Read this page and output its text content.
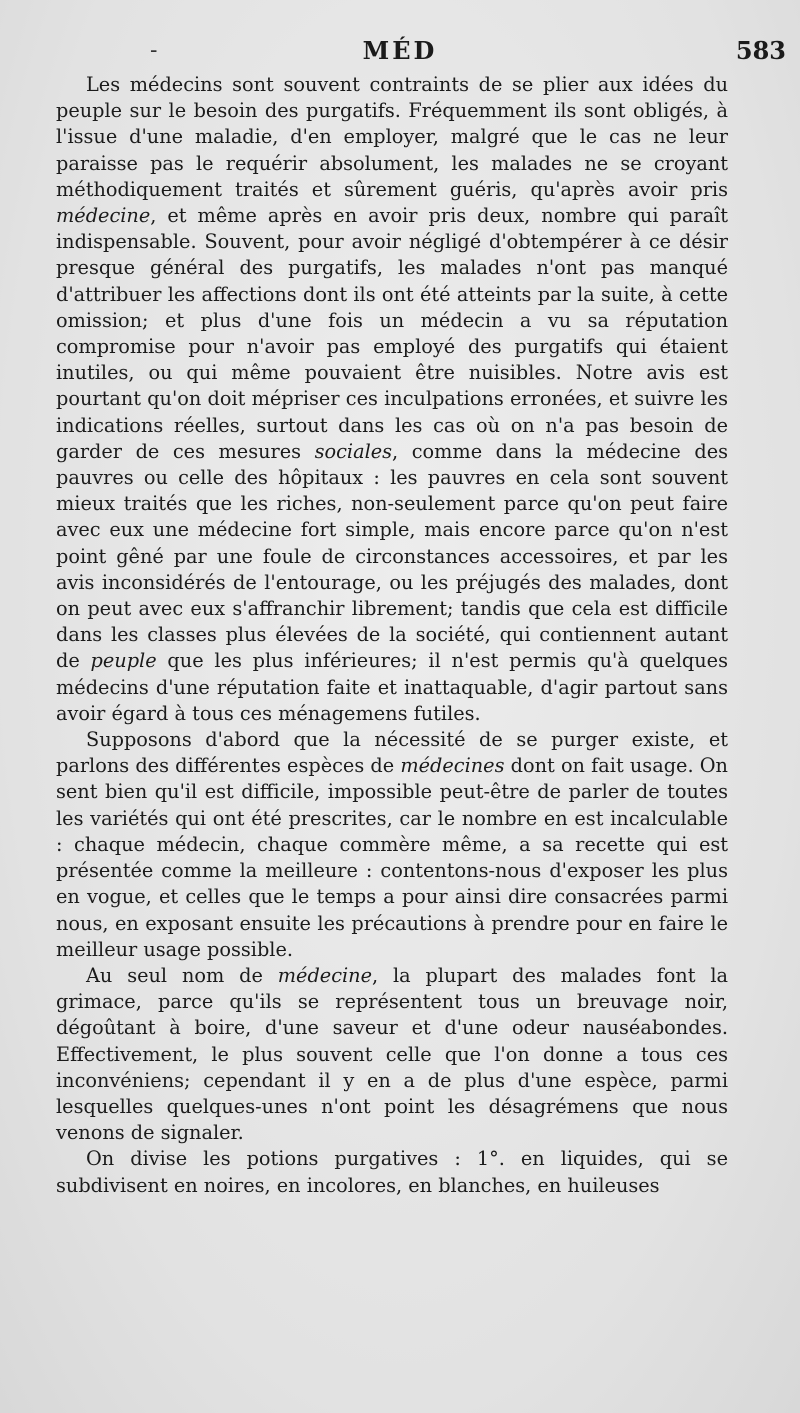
-	MÉD	583

Les médecins sont souvent contraints de se plier aux idées du peuple sur le besoin des purgatifs. Fréquemment ils sont obligés, à l'issue d'une maladie, d'en employer, malgré que le cas ne leur paraisse pas le requérir absolument, les malades ne se croyant méthodiquement traités et sûrement guéris, qu'après avoir pris médecine, et même après en avoir pris deux, nombre qui paraît indispensable. Souvent, pour avoir négligé d'obtempérer à ce désir presque général des purgatifs, les malades n'ont pas manqué d'attribuer les affections dont ils ont été atteints par la suite, à cette omission; et plus d'une fois un médecin a vu sa réputation compromise pour n'avoir pas employé des purgatifs qui étaient inutiles, ou qui même pouvaient être nuisibles. Notre avis est pourtant qu'on doit mépriser ces inculpations erronées, et suivre les indications réelles, surtout dans les cas où on n'a pas besoin de garder de ces mesures sociales, comme dans la médecine des pauvres ou celle des hôpitaux : les pauvres en cela sont souvent mieux traités que les riches, non-seulement parce qu'on peut faire avec eux une médecine fort simple, mais encore parce qu'on n'est point gêné par une foule de circonstances accessoires, et par les avis inconsidérés de l'entourage, ou les préjugés des malades, dont on peut avec eux s'affranchir librement; tandis que cela est difficile dans les classes plus élevées de la société, qui contiennent autant de peuple que les plus inférieures; il n'est permis qu'à quelques médecins d'une réputation faite et inattaquable, d'agir partout sans avoir égard à tous ces ménagemens futiles.

Supposons d'abord que la nécessité de se purger existe, et parlons des différentes espèces de médecines dont on fait usage. On sent bien qu'il est difficile, impossible peut-être de parler de toutes les variétés qui ont été prescrites, car le nombre en est incalculable : chaque médecin, chaque commère même, a sa recette qui est présentée comme la meilleure : contentons-nous d'exposer les plus en vogue, et celles que le temps a pour ainsi dire consacrées parmi nous, en exposant ensuite les précautions à prendre pour en faire le meilleur usage possible.

Au seul nom de médecine, la plupart des malades font la grimace, parce qu'ils se représentent tous un breuvage noir, dégoûtant à boire, d'une saveur et d'une odeur nauséabondes. Effectivement, le plus souvent celle que l'on donne a tous ces inconvéniens; cependant il y en a de plus d'une espèce, parmi lesquelles quelques-unes n'ont point les désagrémens que nous venons de signaler.

On divise les potions purgatives : 1°. en liquides, qui se subdivisent en noires, en incolores, en blanches, en huileuses
